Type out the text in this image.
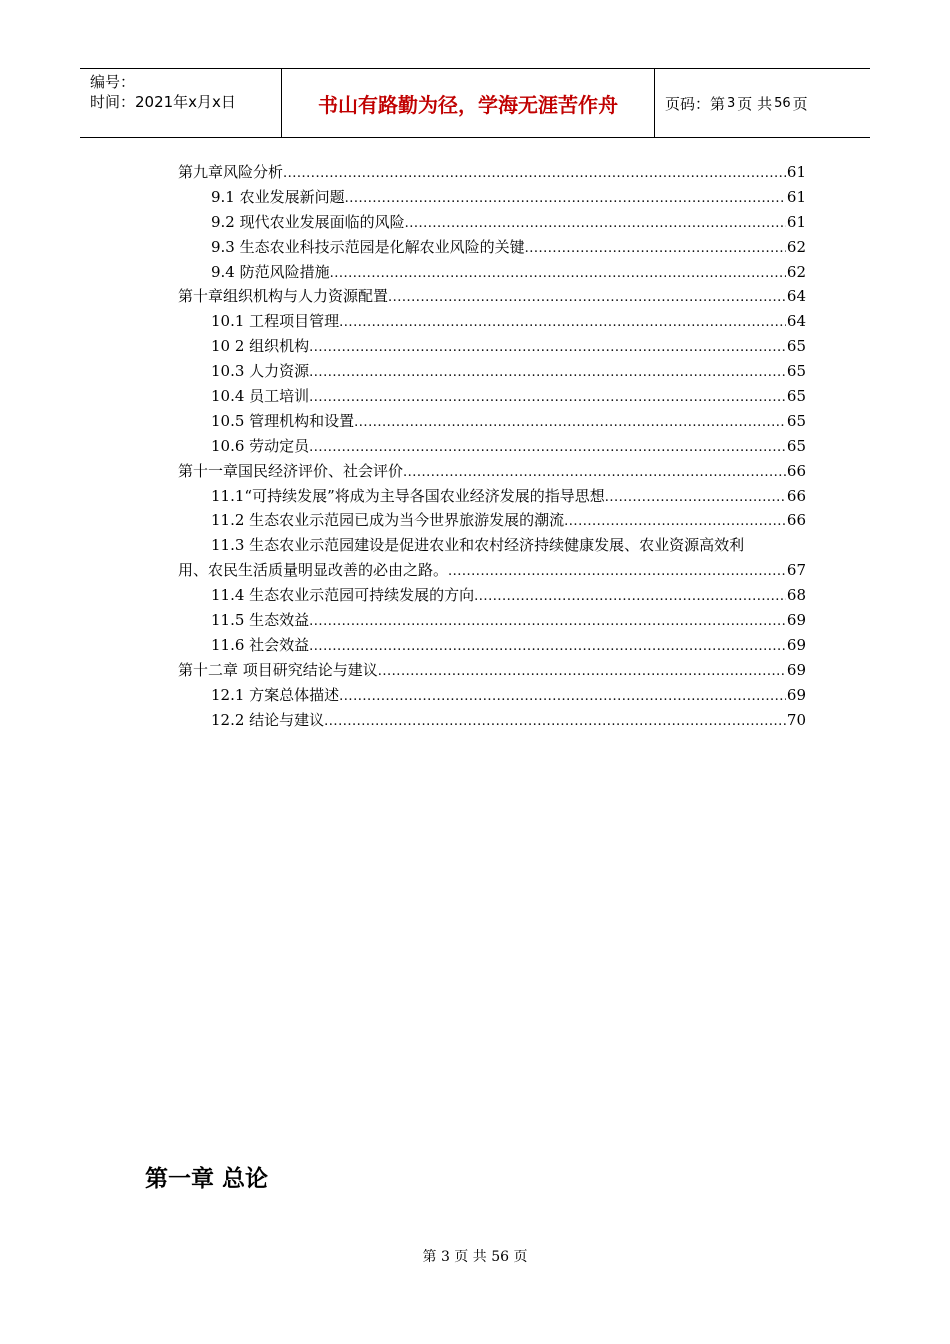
编号：
时间：2021年x月x日	书山有路勤为径，学海无涯苦作舟	页码：第 3 页 共 56 页
第九章风险分析 .....	61
9.1 农业发展新问题 .....	61
9.2 现代农业发展面临的风险 .....	61
9.3 生态农业科技示范园是化解农业风险的关键 .....	62
9.4 防范风险措施 .....	62
第十章组织机构与人力资源配置 .....	64
10.1 工程项目管理 .....	64
10 2 组织机构 .....	65
10.3 人力资源 .....	65
10.4 员工培训 .....	65
10.5 管理机构和设置 .....	65
10.6 劳动定员 .....	65
第十一章国民经济评价、社会评价 .....	66
11.1“可持续发展”将成为主导各国农业经济发展的指导思想 .....	66
11.2 生态农业示范园已成为当今世界旅游发展的潮流 .....	66
11.3 生态农业示范园建设是促进农业和农村经济持续健康发展、农业资源高效利
用、农民生活质量明显改善的必由之路。 .....	67
11.4 生态农业示范园可持续发展的方向 .....	68
11.5 生态效益 .....	69
11.6 社会效益 .....	69
第十二章 项目研究结论与建议 .....	69
12.1 方案总体描述 .....	69
12.2 结论与建议 .....	70
第一章 总论
第 3 页 共 56 页
